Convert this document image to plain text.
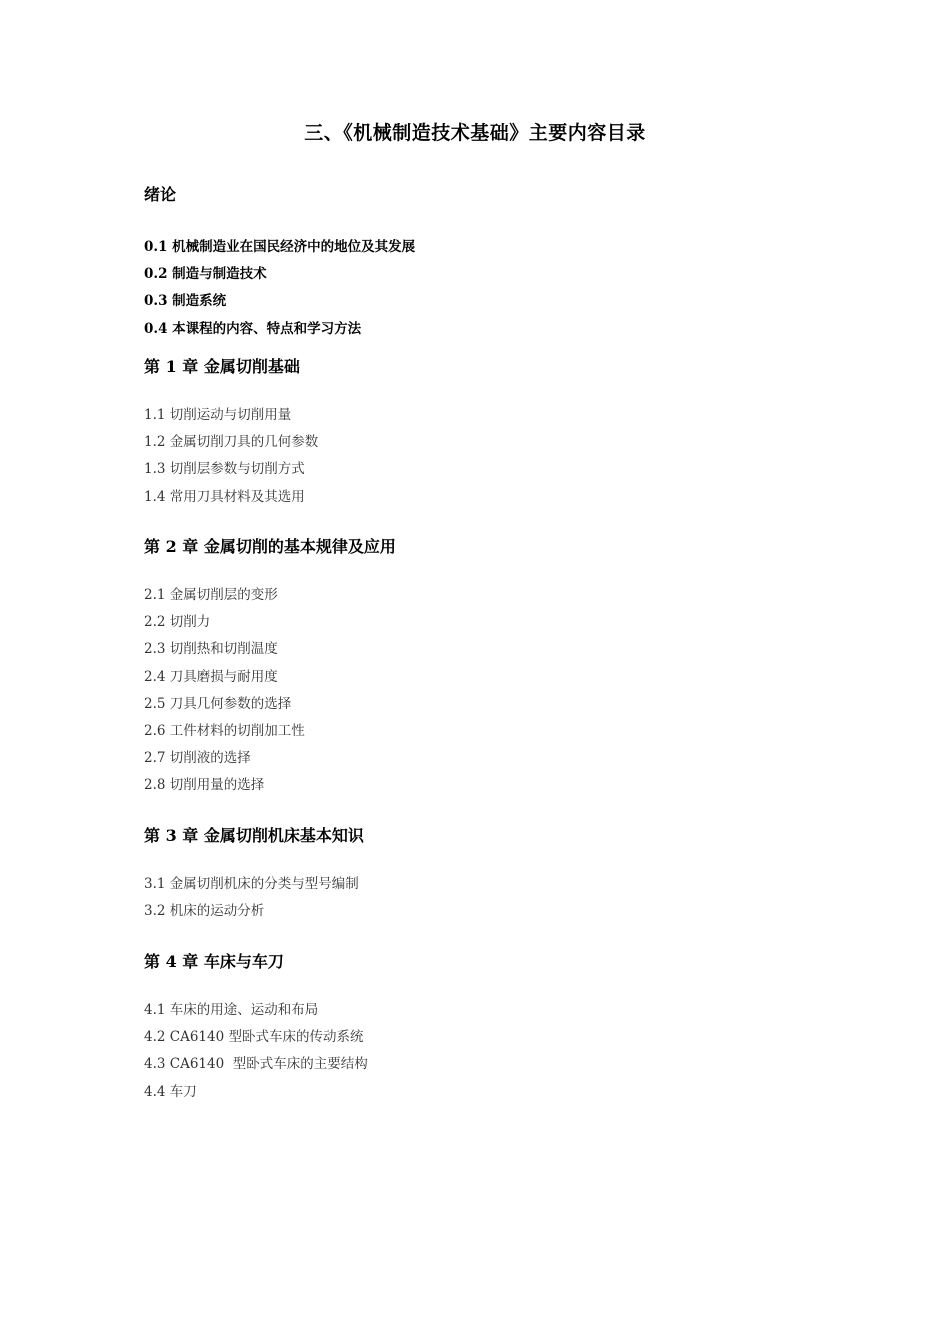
三、《机械制造技术基础》主要内容目录
绪论
0.1 机械制造业在国民经济中的地位及其发展
0.2 制造与制造技术
0.3 制造系统
0.4 本课程的内容、特点和学习方法
第 1 章 金属切削基础
1.1 切削运动与切削用量
1.2 金属切削刀具的几何参数
1.3 切削层参数与切削方式
1.4 常用刀具材料及其选用
第 2 章 金属切削的基本规律及应用
2.1 金属切削层的变形
2.2 切削力
2.3 切削热和切削温度
2.4 刀具磨损与耐用度
2.5 刀具几何参数的选择
2.6 工件材料的切削加工性
2.7 切削液的选择
2.8 切削用量的选择
第 3 章 金属切削机床基本知识
3.1 金属切削机床的分类与型号编制
3.2 机床的运动分析
第 4 章 车床与车刀
4.1 车床的用途、运动和布局
4.2 CA6140 型卧式车床的传动系统
4.3 CA6140  型卧式车床的主要结构
4.4 车刀
